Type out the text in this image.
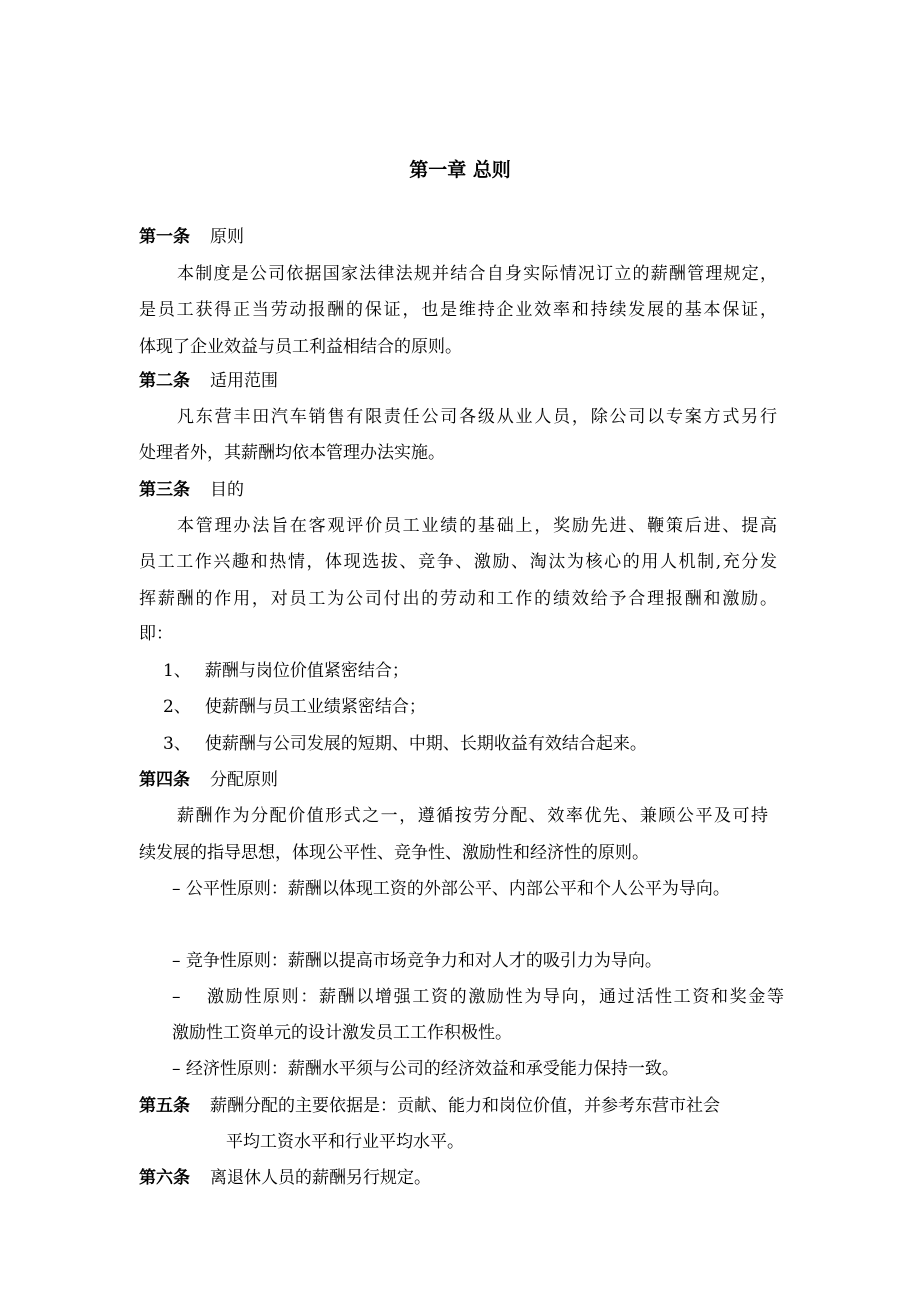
第一章 总则
第一条 原则
本制度是公司依据国家法律法规并结合自身实际情况订立的薪酬管理规定，
是员工获得正当劳动报酬的保证，也是维持企业效率和持续发展的基本保证，
体现了企业效益与员工利益相结合的原则。
第二条 适用范围
凡东营丰田汽车销售有限责任公司各级从业人员，除公司以专案方式另行
处理者外，其薪酬均依本管理办法实施。
第三条 目的
本管理办法旨在客观评价员工业绩的基础上，奖励先进、鞭策后进、提高
员工工作兴趣和热情，体现选拔、竞争、激励、淘汰为核心的用人机制,充分发
挥薪酬的作用，对员工为公司付出的劳动和工作的绩效给予合理报酬和激励。
即：
1、 薪酬与岗位价值紧密结合；
2、 使薪酬与员工业绩紧密结合；
3、 使薪酬与公司发展的短期、中期、长期收益有效结合起来。
第四条 分配原则
薪酬作为分配价值形式之一，遵循按劳分配、效率优先、兼顾公平及可持
续发展的指导思想，体现公平性、竞争性、激励性和经济性的原则。
– 公平性原则：薪酬以体现工资的外部公平、内部公平和个人公平为导向。
– 竞争性原则：薪酬以提高市场竞争力和对人才的吸引力为导向。
– 激励性原则：薪酬以增强工资的激励性为导向，通过活性工资和奖金等
激励性工资单元的设计激发员工工作积极性。
– 经济性原则：薪酬水平须与公司的经济效益和承受能力保持一致。
第五条 薪酬分配的主要依据是：贡献、能力和岗位价值，并参考东营市社会
平均工资水平和行业平均水平。
第六条 离退休人员的薪酬另行规定。
